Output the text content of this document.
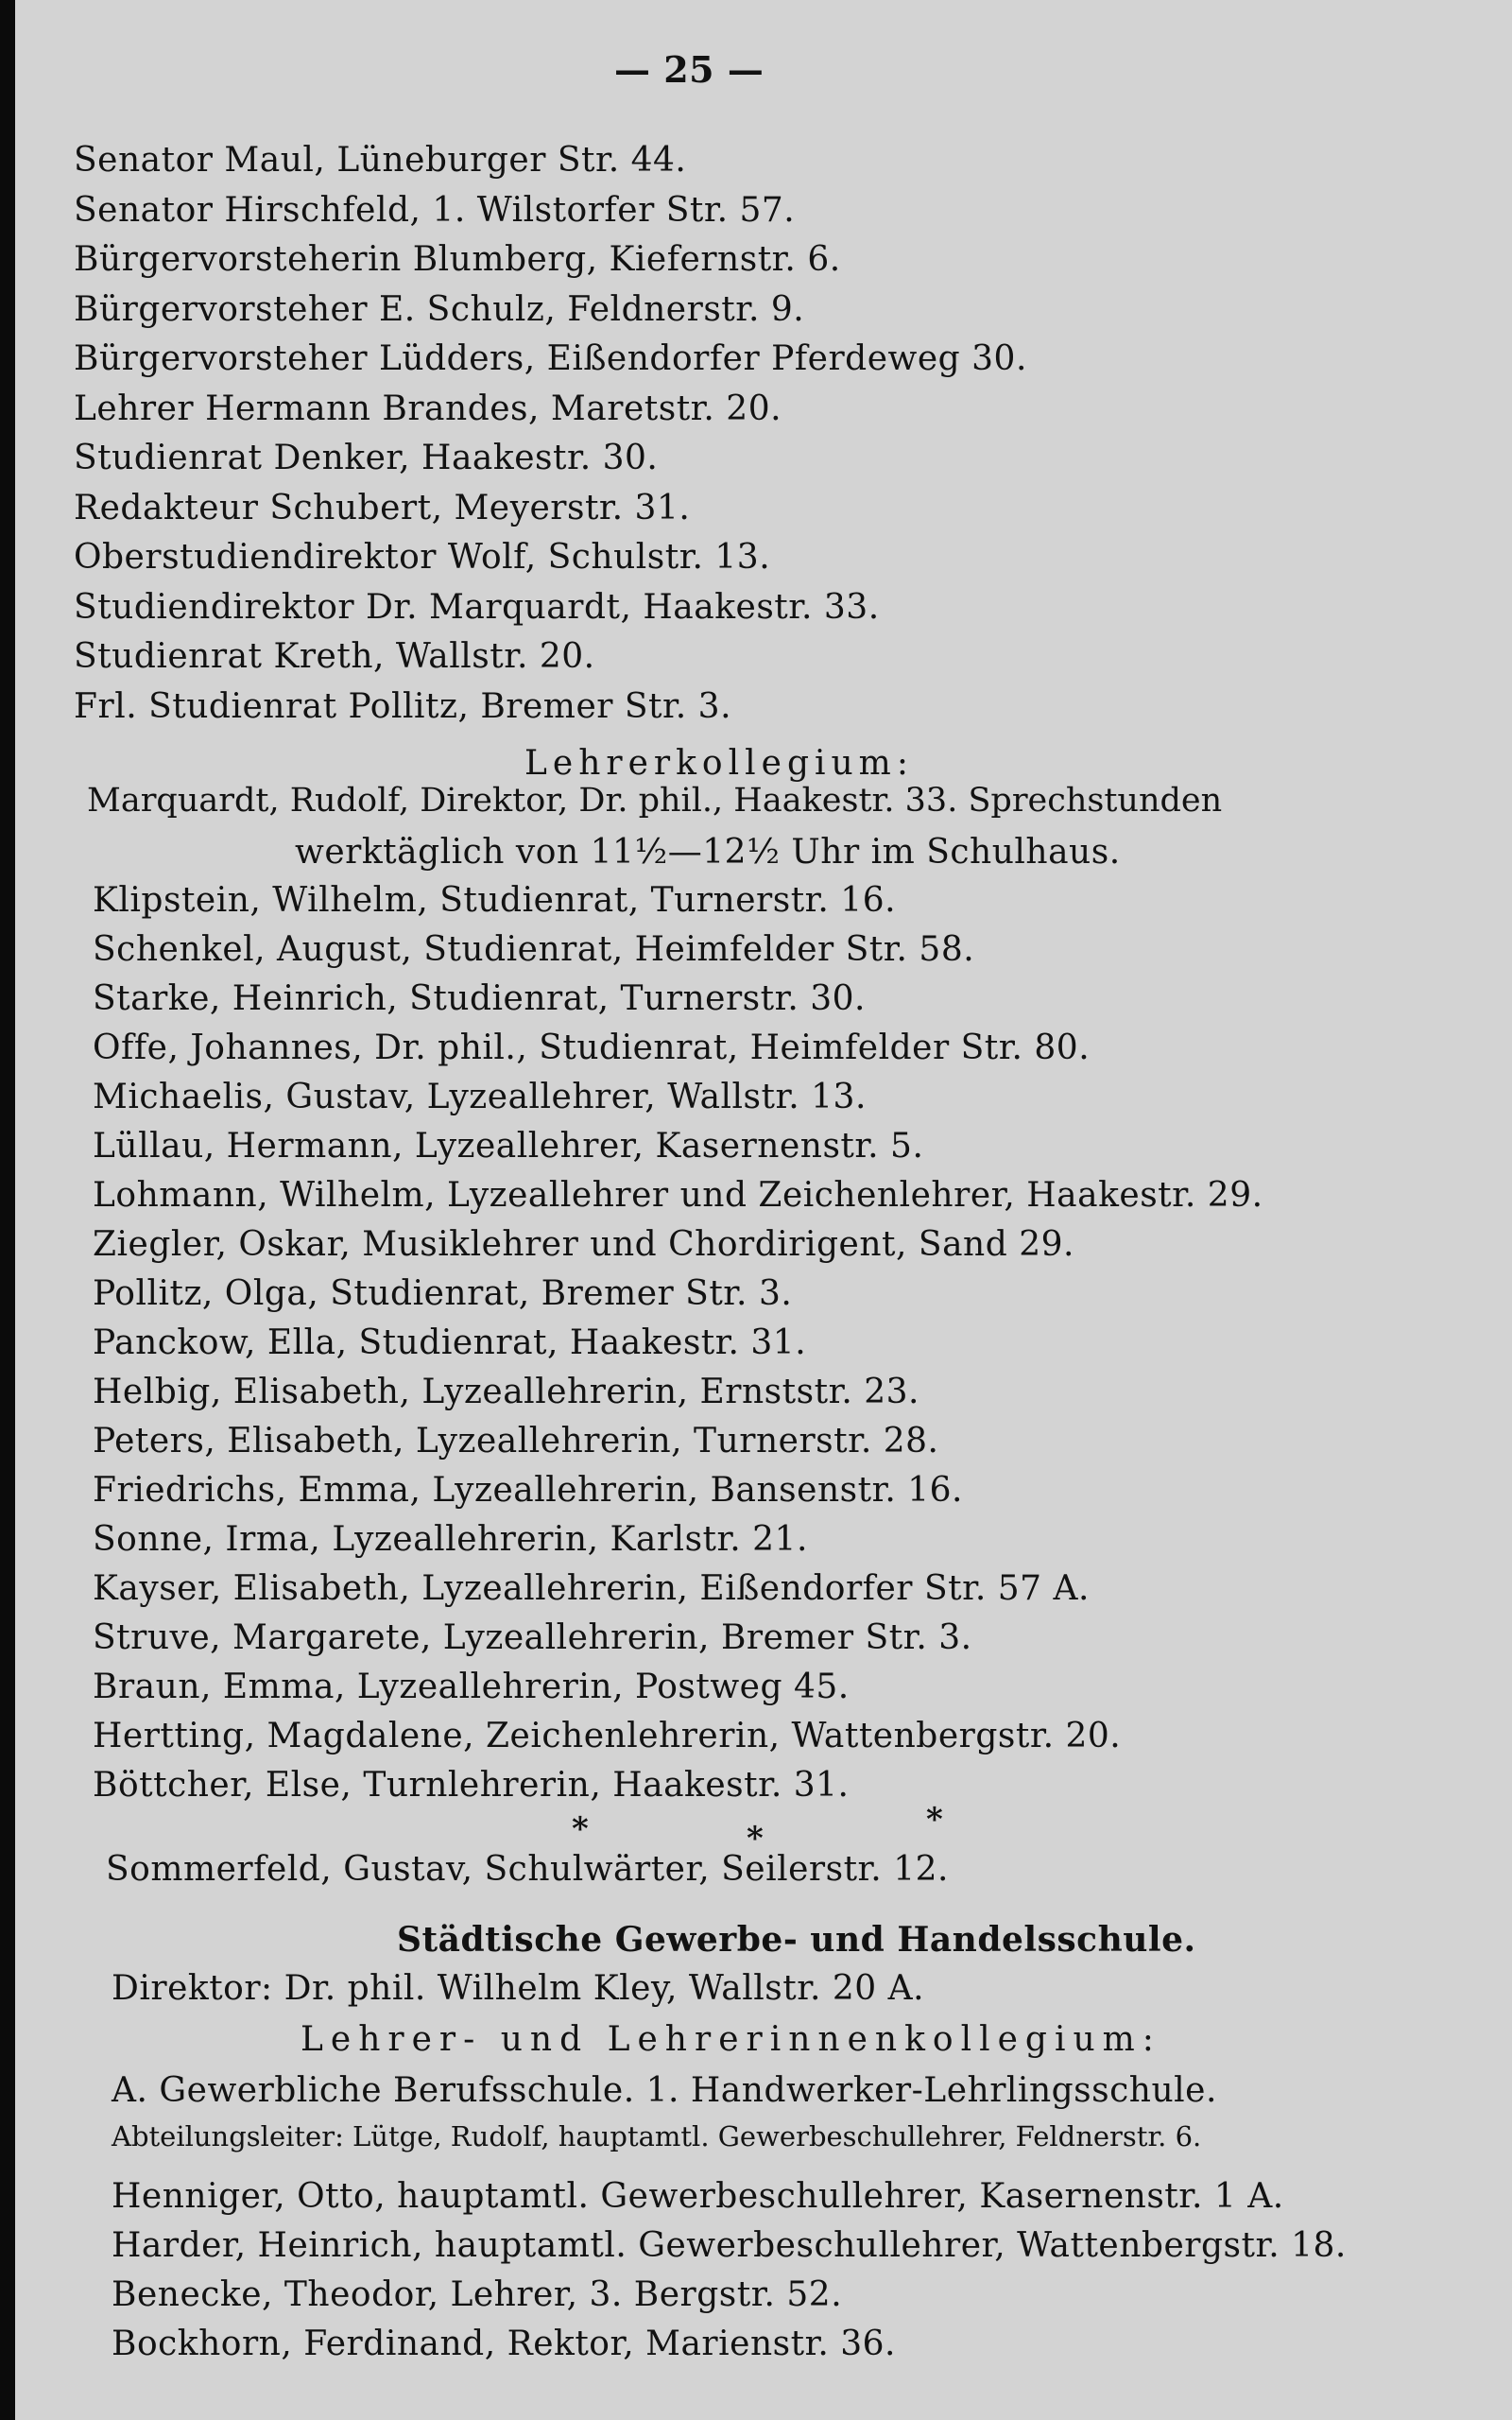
— 25 —
Senator Maul, Lüneburger Str. 44.
Senator Hirschfeld, 1. Wilstorfer Str. 57.
Bürgervorsteherin Blumberg, Kiefernstr. 6.
Bürgervorsteher E. Schulz, Feldnerstr. 9.
Bürgervorsteher Lüdders, Eißendorfer Pferdeweg 30.
Lehrer Hermann Brandes, Maretstr. 20.
Studienrat Denker, Haakestr. 30.
Redakteur Schubert, Meyerstr. 31.
Oberstudiendirektor Wolf, Schulstr. 13.
Studiendirektor Dr. Marquardt, Haakestr. 33.
Studienrat Kreth, Wallstr. 20.
Frl. Studienrat Pollitz, Bremer Str. 3.
Lehrerkollegium:
Marquardt, Rudolf, Direktor, Dr. phil., Haakestr. 33. Sprechstunden
werktäglich von 11½—12½ Uhr im Schulhaus.
Klipstein, Wilhelm, Studienrat, Turnerstr. 16.
Schenkel, August, Studienrat, Heimfelder Str. 58.
Starke, Heinrich, Studienrat, Turnerstr. 30.
Offe, Johannes, Dr. phil., Studienrat, Heimfelder Str. 80.
Michaelis, Gustav, Lyzeallehrer, Wallstr. 13.
Lüllau, Hermann, Lyzeallehrer, Kasernenstr. 5.
Lohmann, Wilhelm, Lyzeallehrer und Zeichenlehrer, Haakestr. 29.
Ziegler, Oskar, Musiklehrer und Chordirigent, Sand 29.
Pollitz, Olga, Studienrat, Bremer Str. 3.
Panckow, Ella, Studienrat, Haakestr. 31.
Helbig, Elisabeth, Lyzeallehrerin, Ernststr. 23.
Peters, Elisabeth, Lyzeallehrerin, Turnerstr. 28.
Friedrichs, Emma, Lyzeallehrerin, Bansenstr. 16.
Sonne, Irma, Lyzeallehrerin, Karlstr. 21.
Kayser, Elisabeth, Lyzeallehrerin, Eißendorfer Str. 57 A.
Struve, Margarete, Lyzeallehrerin, Bremer Str. 3.
Braun, Emma, Lyzeallehrerin, Postweg 45.
Hertting, Magdalene, Zeichenlehrerin, Wattenbergstr. 20.
Böttcher, Else, Turnlehrerin, Haakestr. 31.
*	*	*
Sommerfeld, Gustav, Schulwärter, Seilerstr. 12.
Städtische Gewerbe- und Handelsschule.
Direktor: Dr. phil. Wilhelm Kley, Wallstr. 20 A.
Lehrer- und Lehrerinnenkollegium:
A. Gewerbliche Berufsschule. 1. Handwerker-Lehrlingsschule.
Abteilungsleiter: Lütge, Rudolf, hauptamtl. Gewerbeschullehrer, Feldnerstr. 6.
Henniger, Otto, hauptamtl. Gewerbeschullehrer, Kasernenstr. 1 A.
Harder, Heinrich, hauptamtl. Gewerbeschullehrer, Wattenbergstr. 18.
Benecke, Theodor, Lehrer, 3. Bergstr. 52.
Bockhorn, Ferdinand, Rektor, Marienstr. 36.
